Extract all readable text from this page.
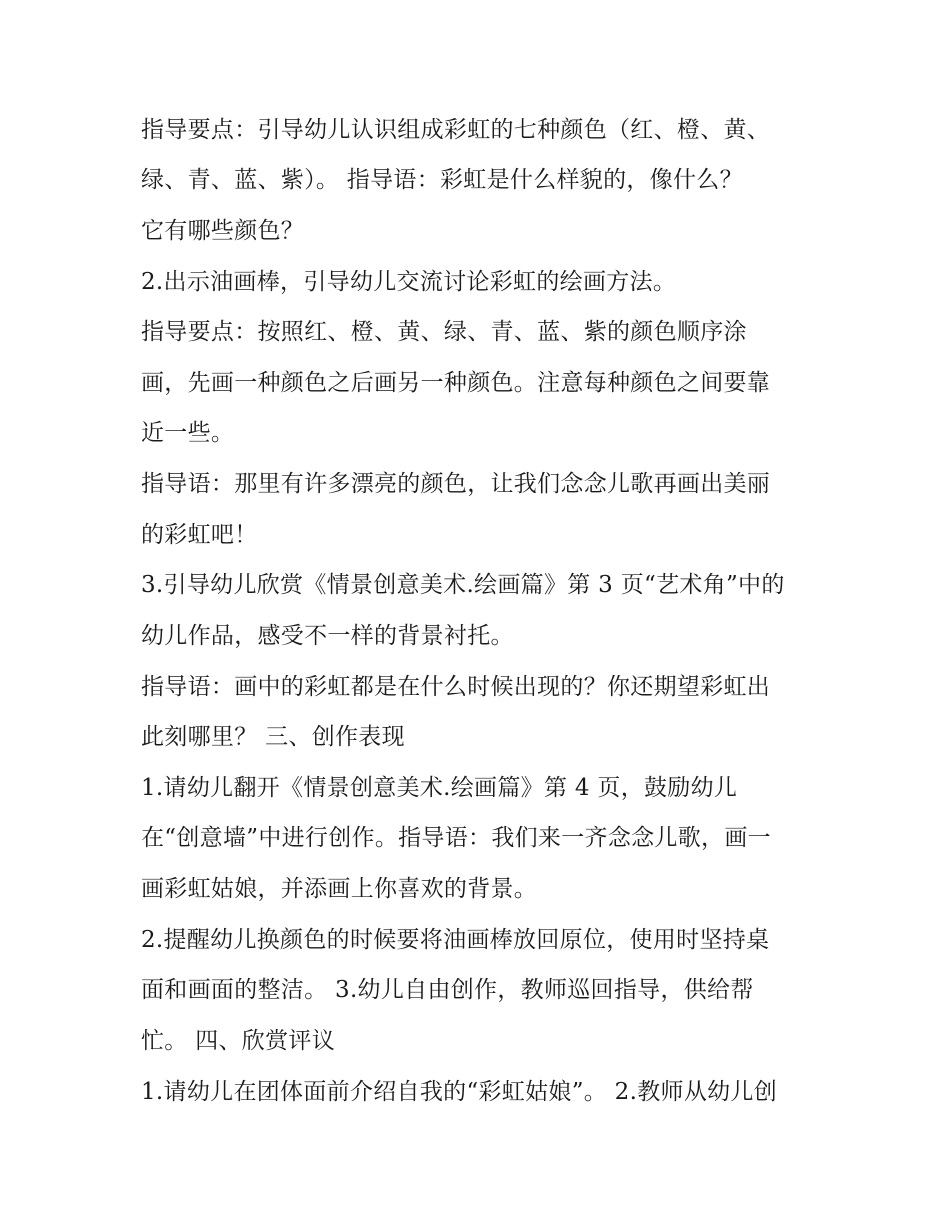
指导要点：引导幼儿认识组成彩虹的七种颜色（红、橙、黄、
绿、青、蓝、紫）。 指导语：彩虹是什么样貌的，像什么？
它有哪些颜色？
2.出示油画棒，引导幼儿交流讨论彩虹的绘画方法。
指导要点：按照红、橙、黄、绿、青、蓝、紫的颜色顺序涂
画，先画一种颜色之后画另一种颜色。注意每种颜色之间要靠
近一些。
指导语：那里有许多漂亮的颜色，让我们念念儿歌再画出美丽
的彩虹吧！
3.引导幼儿欣赏《情景创意美术.绘画篇》第 3 页“艺术角”中的
幼儿作品，感受不一样的背景衬托。
指导语：画中的彩虹都是在什么时候出现的？你还期望彩虹出
此刻哪里？ 三、创作表现
1.请幼儿翻开《情景创意美术.绘画篇》第 4 页，鼓励幼儿
在“创意墙”中进行创作。指导语：我们来一齐念念儿歌，画一
画彩虹姑娘，并添画上你喜欢的背景。
2.提醒幼儿换颜色的时候要将油画棒放回原位，使用时坚持桌
面和画面的整洁。 3.幼儿自由创作，教师巡回指导，供给帮
忙。 四、欣赏评议
1.请幼儿在团体面前介绍自我的“彩虹姑娘”。 2.教师从幼儿创
